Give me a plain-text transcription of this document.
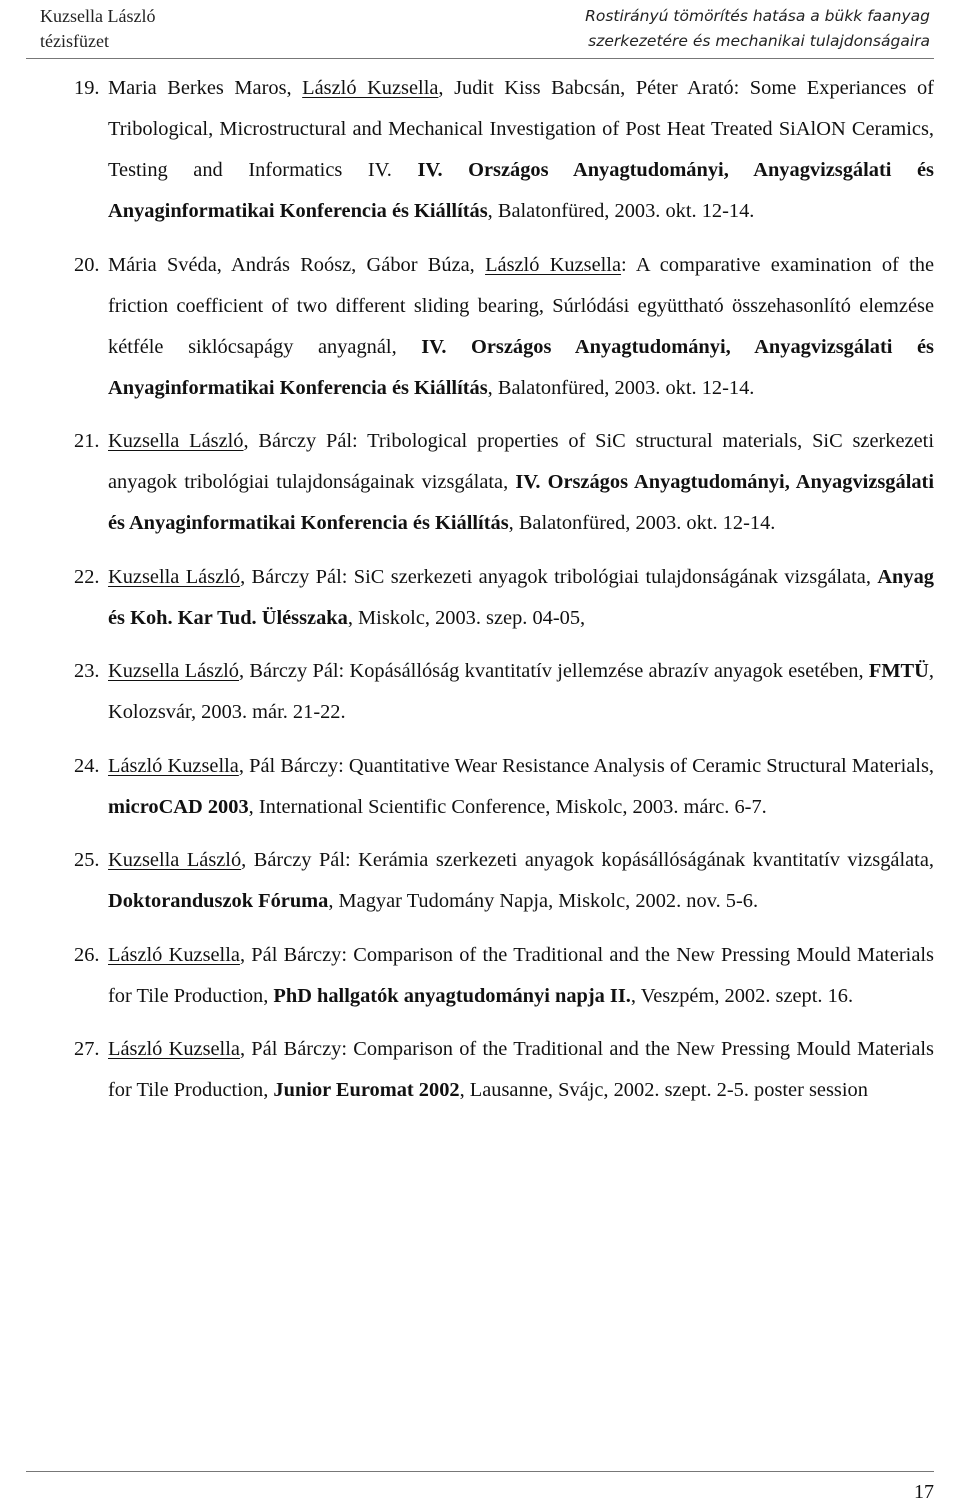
Kuzsella László
tézisfüzet
Rostirányú tömörítés hatása a bükk faanyag
szerkezetére és mechanikai tulajdonságaira
19. Maria Berkes Maros, László Kuzsella, Judit Kiss Babcsán, Péter Arató: Some Experiances of Tribological, Microstructural and Mechanical Investigation of Post Heat Treated SiAlON Ceramics, Testing and Informatics IV. IV. Országos Anyagtudományi, Anyagvizsgálati és Anyaginformatikai Konferencia és Kiállítás, Balatonfüred, 2003. okt. 12-14.
20. Mária Svéda, András Roósz, Gábor Búza, László Kuzsella: A comparative examination of the friction coefficient of two different sliding bearing, Súrlódási együttható összehasonlító elemzése kétféle siklócsapágy anyagnál, IV. Országos Anyagtudományi, Anyagvizsgálati és Anyaginformatikai Konferencia és Kiállítás, Balatonfüred, 2003. okt. 12-14.
21. Kuzsella László, Bárczy Pál: Tribological properties of SiC structural materials, SiC szerkezeti anyagok tribológiai tulajdonságainak vizsgálata, IV. Országos Anyagtudományi, Anyagvizsgálati és Anyaginformatikai Konferencia és Kiállítás, Balatonfüred, 2003. okt. 12-14.
22. Kuzsella László, Bárczy Pál: SiC szerkezeti anyagok tribológiai tulajdonságának vizsgálata, Anyag és Koh. Kar Tud. Ülésszaka, Miskolc, 2003. szep. 04-05,
23. Kuzsella László, Bárczy Pál: Kopásállóság kvantitatív jellemzése abrazív anyagok esetében, FMTÜ, Kolozsvár, 2003. már. 21-22.
24. László Kuzsella, Pál Bárczy: Quantitative Wear Resistance Analysis of Ceramic Structural Materials, microCAD 2003, International Scientific Conference, Miskolc, 2003. márc. 6-7.
25. Kuzsella László, Bárczy Pál: Kerámia szerkezeti anyagok kopásállóságának kvantitatív vizsgálata, Doktoranduszok Fóruma, Magyar Tudomány Napja, Miskolc, 2002. nov. 5-6.
26. László Kuzsella, Pál Bárczy: Comparison of the Traditional and the New Pressing Mould Materials for Tile Production, PhD hallgatók anyagtudományi napja II., Veszpém, 2002. szept. 16.
27. László Kuzsella, Pál Bárczy: Comparison of the Traditional and the New Pressing Mould Materials for Tile Production, Junior Euromat 2002, Lausanne, Svájc, 2002. szept. 2-5. poster session
17
